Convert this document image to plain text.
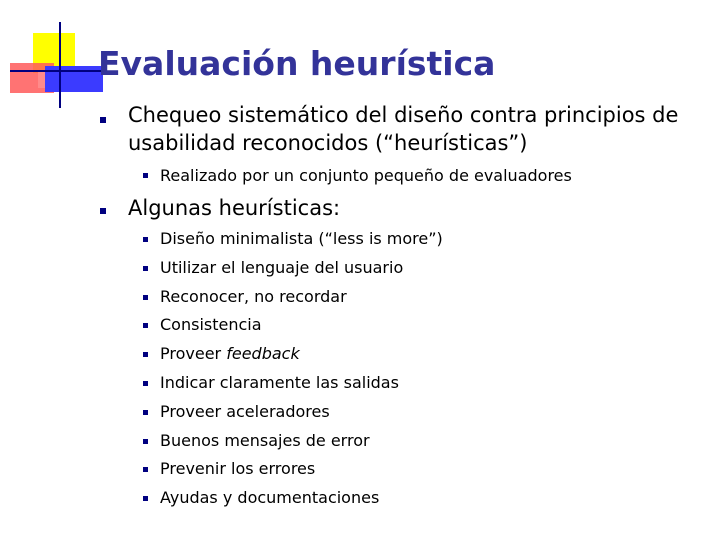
Evaluación heurística
Chequeo sistemático del diseño contra principios de
usabilidad reconocidos (“heurísticas”)
Realizado por un conjunto pequeño de evaluadores
Algunas heurísticas:
Diseño minimalista (“less is more”)
Utilizar el lenguaje del usuario
Reconocer, no recordar
Consistencia
Proveer feedback
Indicar claramente las salidas
Proveer aceleradores
Buenos mensajes de error
Prevenir los errores
Ayudas y documentaciones
